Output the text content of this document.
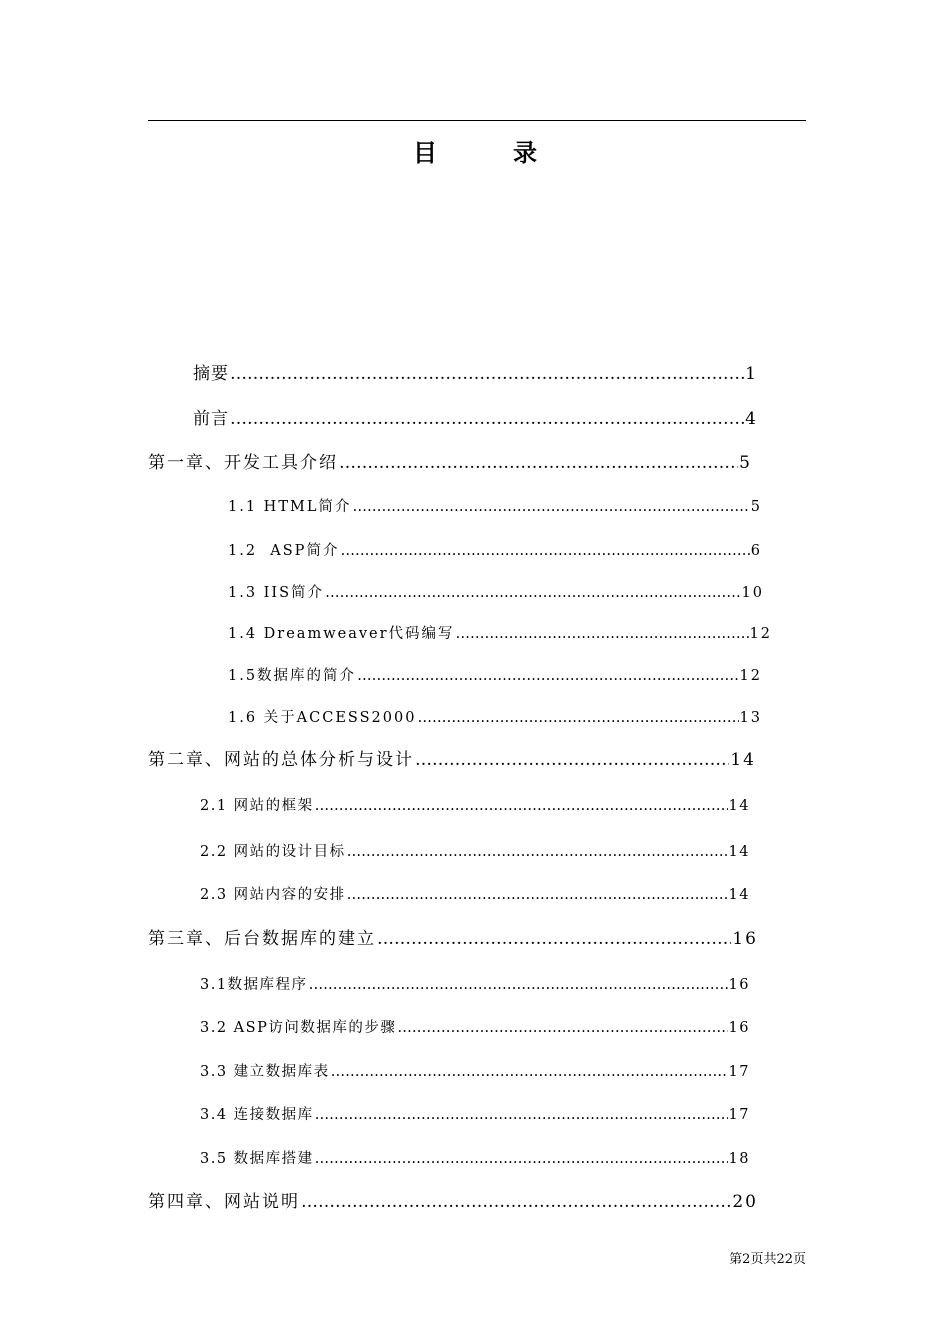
目　录
摘要 ………………………………………………………………………………………………………………………………………………………………………………………………………………	1
前言 ………………………………………………………………………………………………………………………………………………………………………………………………………………	4
第一章、开发工具介绍 ………………………………………………………………………………………………………………………………………………………………………………………………………………	5
1.1 HTML简介 ………………………………………………………………………………………………………………………………………………………………………………………………………………	5
1.2  ASP简介 ………………………………………………………………………………………………………………………………………………………………………………………………………………	6
1.3 IIS简介 ………………………………………………………………………………………………………………………………………………………………………………………………………………	10
1.4 Dreamweaver代码编写 ………………………………………………………………………………………………………………………………………………………………………………………………………………	12
1.5数据库的简介 ………………………………………………………………………………………………………………………………………………………………………………………………………………	12
1.6 关于ACCESS2000 ………………………………………………………………………………………………………………………………………………………………………………………………………………	13
第二章、网站的总体分析与设计 ………………………………………………………………………………………………………………………………………………………………………………………………………………	14
2.1 网站的框架 ………………………………………………………………………………………………………………………………………………………………………………………………………………	14
2.2 网站的设计目标 ………………………………………………………………………………………………………………………………………………………………………………………………………………	14
2.3 网站内容的安排 ………………………………………………………………………………………………………………………………………………………………………………………………………………	14
第三章、后台数据库的建立 ………………………………………………………………………………………………………………………………………………………………………………………………………………	16
3.1数据库程序 ………………………………………………………………………………………………………………………………………………………………………………………………………………	16
3.2 ASP访问数据库的步骤 ………………………………………………………………………………………………………………………………………………………………………………………………………………	16
3.3 建立数据库表 ………………………………………………………………………………………………………………………………………………………………………………………………………………	17
3.4 连接数据库 ………………………………………………………………………………………………………………………………………………………………………………………………………………	17
3.5 数据库搭建 ………………………………………………………………………………………………………………………………………………………………………………………………………………	18
第四章、网站说明 ………………………………………………………………………………………………………………………………………………………………………………………………………………	20
第2页共22页
